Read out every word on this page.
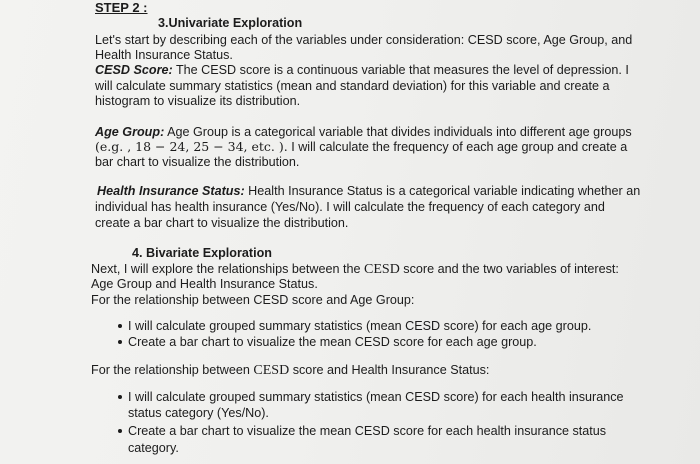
STEP 2 :
3.Univariate Exploration
Let's start by describing each of the variables under consideration: CESD score, Age Group, and
Health Insurance Status.
CESD Score: The CESD score is a continuous variable that measures the level of depression. I
will calculate summary statistics (mean and standard deviation) for this variable and create a
histogram to visualize its distribution.
Age Group: Age Group is a categorical variable that divides individuals into different age groups
(e.g. , 18 − 24, 25 − 34, etc. ). I will calculate the frequency of each age group and create a
bar chart to visualize the distribution.
Health Insurance Status: Health Insurance Status is a categorical variable indicating whether an
individual has health insurance (Yes/No). I will calculate the frequency of each category and
create a bar chart to visualize the distribution.
4. Bivariate Exploration
Next, I will explore the relationships between the CESD score and the two variables of interest:
Age Group and Health Insurance Status.
For the relationship between CESD score and Age Group:
I will calculate grouped summary statistics (mean CESD score) for each age group.
Create a bar chart to visualize the mean CESD score for each age group.
For the relationship between CESD score and Health Insurance Status:
I will calculate grouped summary statistics (mean CESD score) for each health insurance
status category (Yes/No).
Create a bar chart to visualize the mean CESD score for each health insurance status
category.
